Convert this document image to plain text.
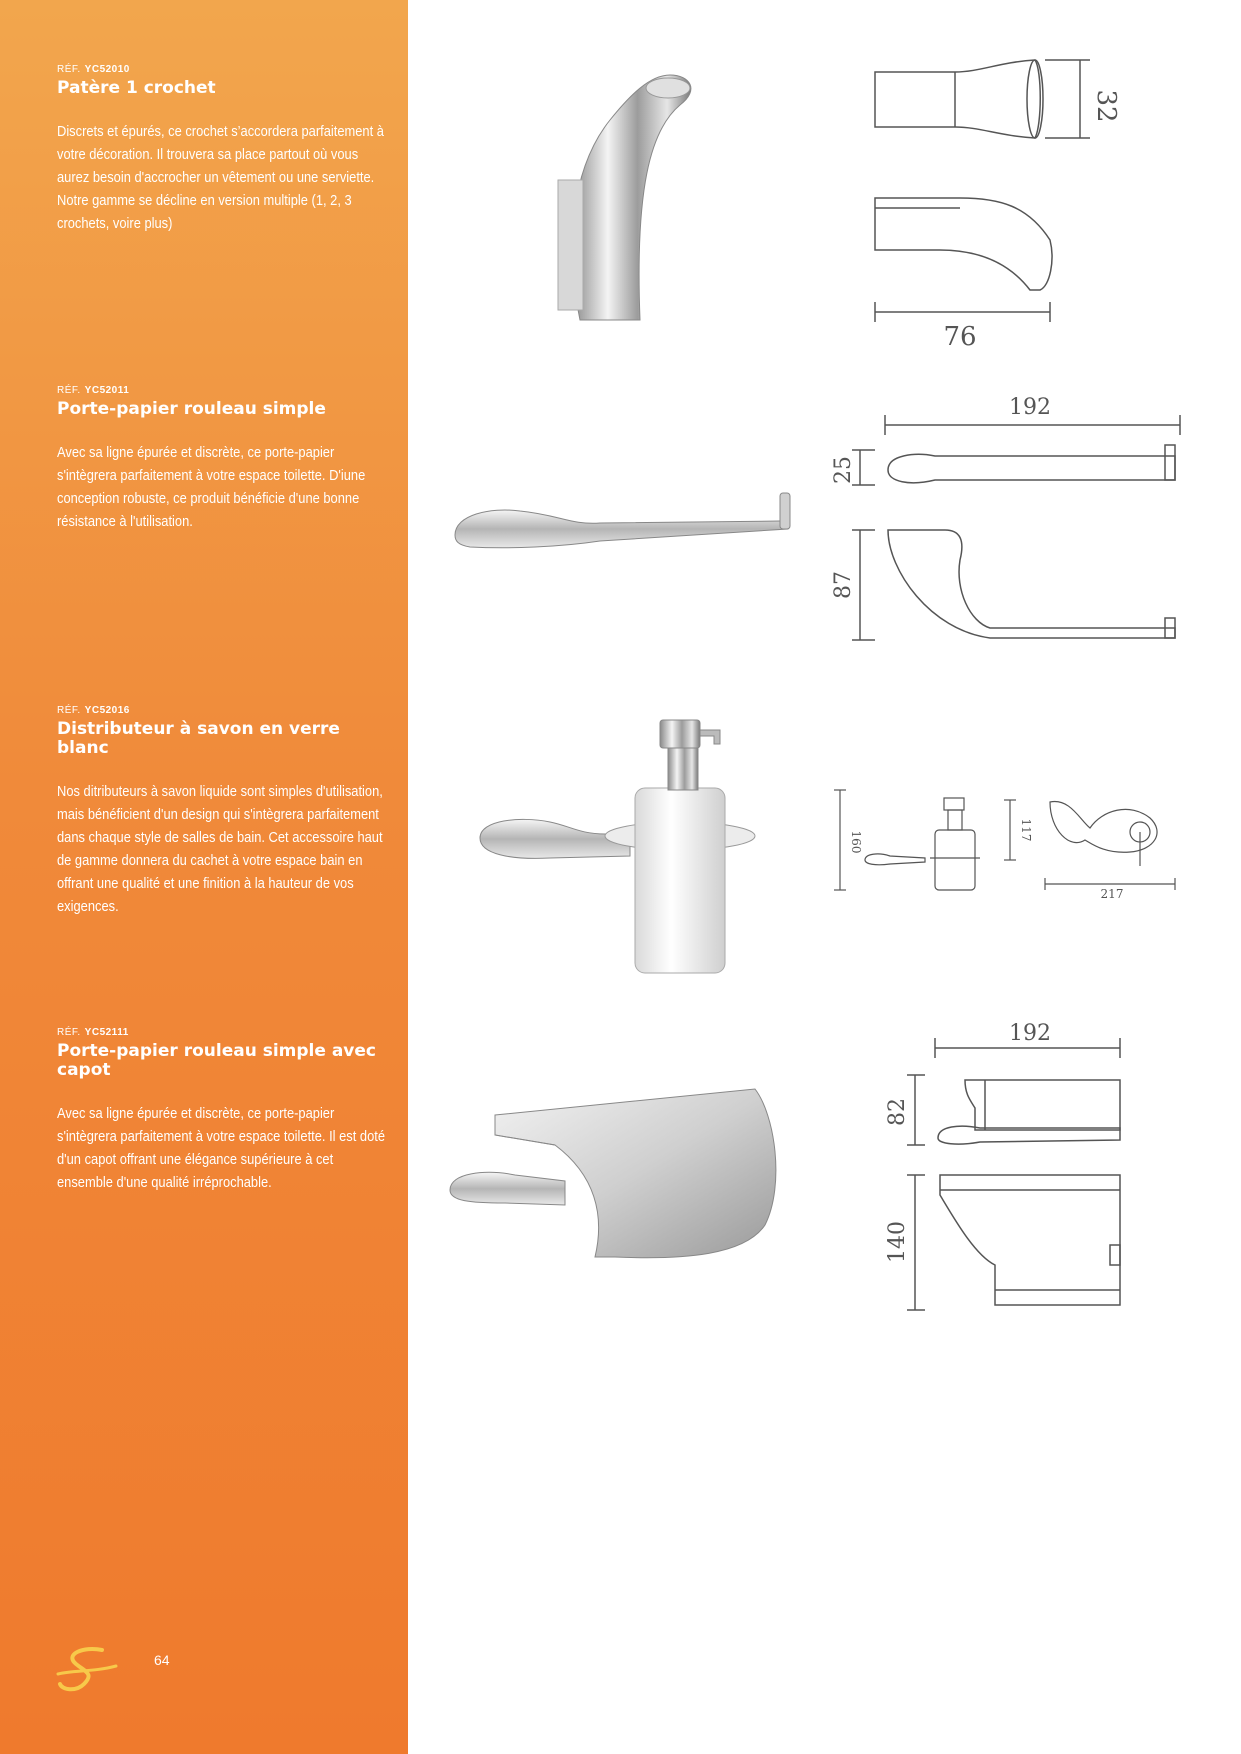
RÉF. YC52010
Patère 1 crochet
Discrets et épurés, ce crochet s’accordera parfaitement à votre décoration. Il trouvera sa place partout où vous aurez besoin d'accrocher un vêtement ou une serviette. Notre gamme se décline en version multiple (1, 2, 3 crochets, voire plus)
RÉF. YC52011
Porte-papier rouleau simple
Avec sa ligne épurée et discrète, ce porte-papier s'intègrera parfaitement à votre espace toilette. D'iune conception robuste, ce produit bénéficie d'une bonne résistance à l'utilisation.
RÉF. YC52016
Distributeur à savon en verre blanc
Nos ditributeurs à savon liquide sont simples d'utilisation, mais bénéficient d'un design qui s'intègrera parfaitement dans chaque style de salles de bain. Cet accessoire haut de gamme donnera du cachet à votre espace bain en offrant une qualité et une finition à la hauteur de vos exigences.
RÉF. YC52111
Porte-papier rouleau simple avec capot
Avec sa ligne épurée et discrète, ce porte-papier s'intègrera parfaitement à votre espace toilette. Il est doté d'un capot offrant une élégance supérieure à cet ensemble d'une qualité irréprochable.
64
32
76
192
25
87
160
117
217
192
82
140
